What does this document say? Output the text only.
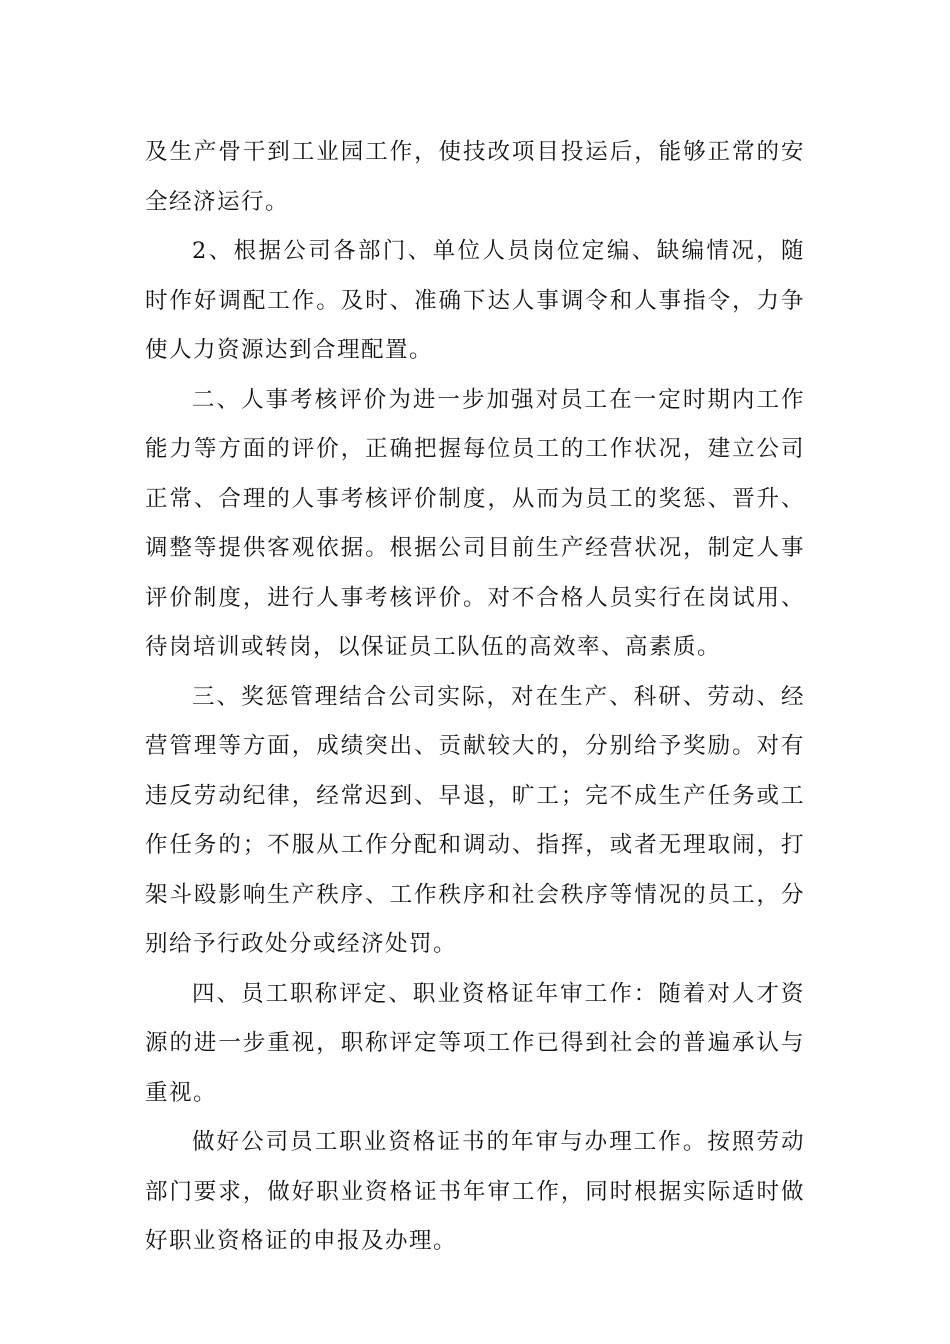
及生产骨干到工业园工作，使技改项目投运后，能够正常的安全经济运行。

2、根据公司各部门、单位人员岗位定编、缺编情况，随时作好调配工作。及时、准确下达人事调令和人事指令，力争使人力资源达到合理配置。

二、人事考核评价为进一步加强对员工在一定时期内工作能力等方面的评价，正确把握每位员工的工作状况，建立公司正常、合理的人事考核评价制度，从而为员工的奖惩、晋升、调整等提供客观依据。根据公司目前生产经营状况，制定人事评价制度，进行人事考核评价。对不合格人员实行在岗试用、待岗培训或转岗，以保证员工队伍的高效率、高素质。

三、奖惩管理结合公司实际，对在生产、科研、劳动、经营管理等方面，成绩突出、贡献较大的，分别给予奖励。对有违反劳动纪律，经常迟到、早退，旷工；完不成生产任务或工作任务的；不服从工作分配和调动、指挥，或者无理取闹，打架斗殴影响生产秩序、工作秩序和社会秩序等情况的员工，分别给予行政处分或经济处罚。

四、员工职称评定、职业资格证年审工作：随着对人才资源的进一步重视，职称评定等项工作已得到社会的普遍承认与重视。

做好公司员工职业资格证书的年审与办理工作。按照劳动部门要求，做好职业资格证书年审工作，同时根据实际适时做好职业资格证的申报及办理。
